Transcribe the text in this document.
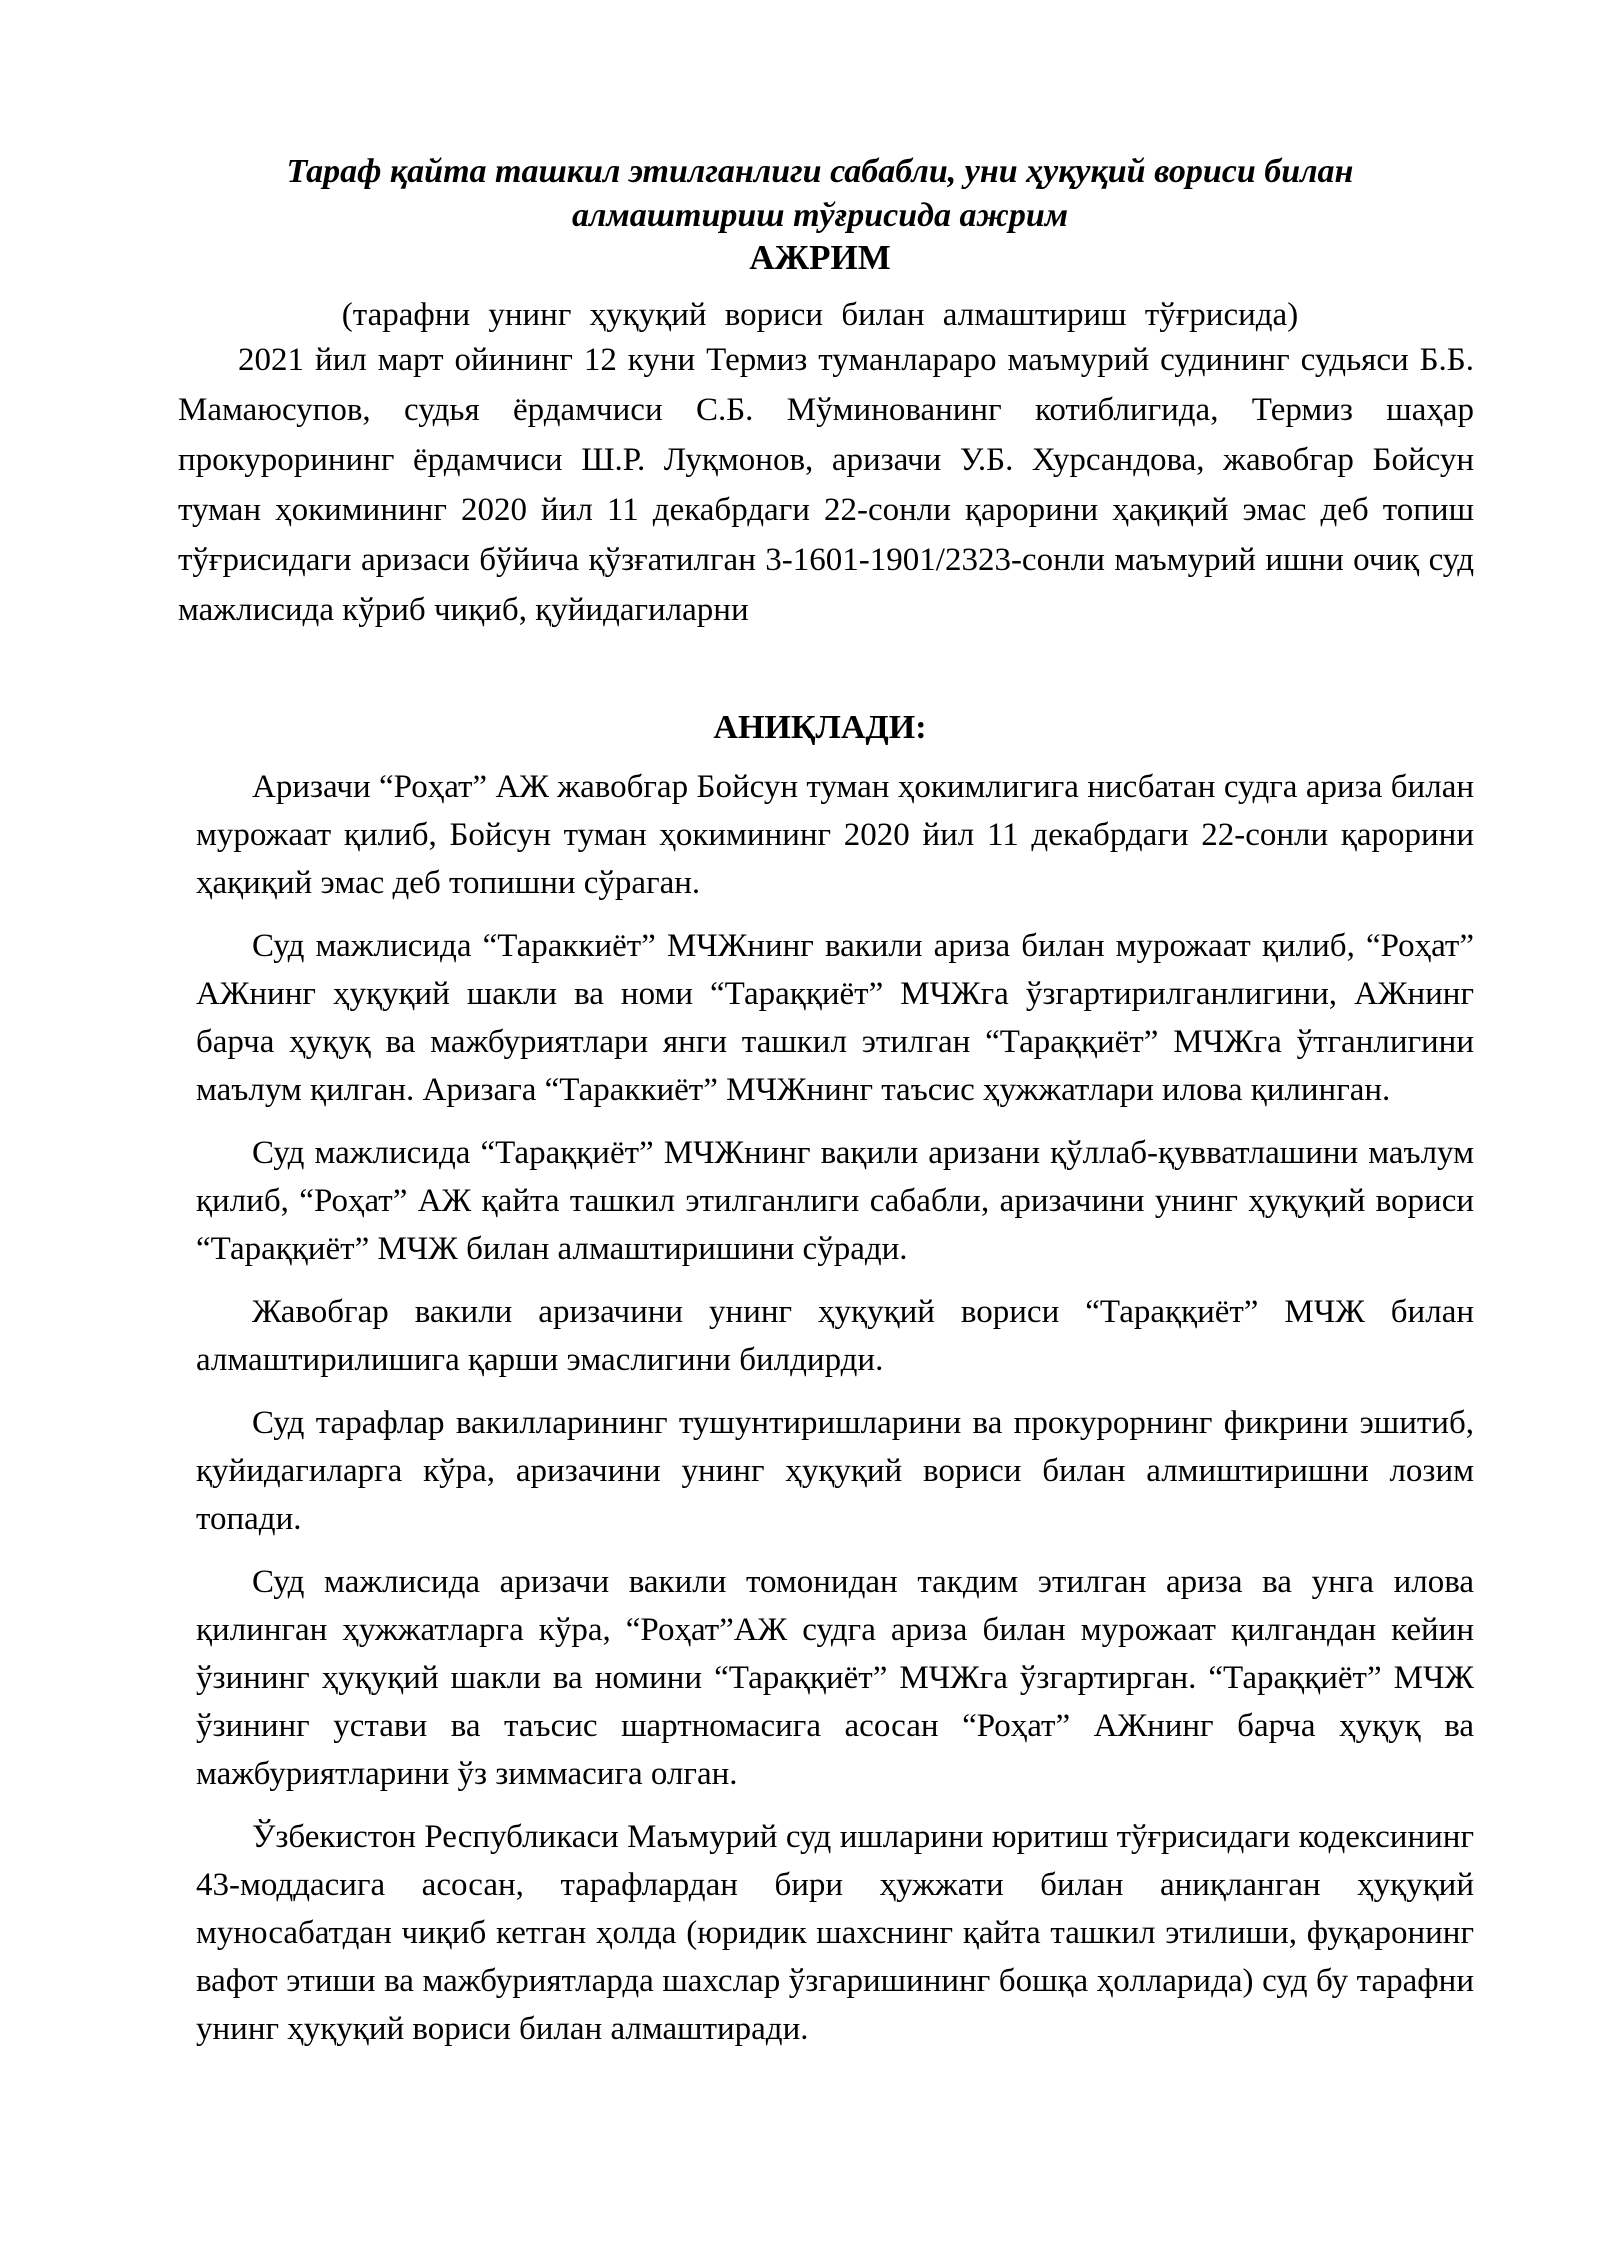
Тараф қайта ташкил этилганлиги сабабли, уни ҳуқуқий вориси билан алмаштириш тўғрисида ажрим

АЖРИМ

(тарафни унинг ҳуқуқий вориси билан алмаштириш тўғрисида)

2021 йил март ойининг 12 куни Термиз туманлараро маъмурий судининг судьяси Б.Б. Мамаюсупов, судья ёрдамчиси С.Б. Мўминованинг котиблигида, Термиз шаҳар прокурорининг ёрдамчиси Ш.Р. Луқмонов, аризачи У.Б. Хурсандова, жавобгар Бойсун туман ҳокимининг 2020 йил 11 декабрдаги 22-сонли қарорини ҳақиқий эмас деб топиш тўғрисидаги аризаси бўйича қўзғатилган 3-1601-1901/2323-сонли маъмурий ишни очиқ суд мажлисида кўриб чиқиб, қуйидагиларни

АНИҚЛАДИ:

Аризачи “Роҳат” АЖ жавобгар Бойсун туман ҳокимлигига нисбатан судга ариза билан мурожаат қилиб, Бойсун туман ҳокимининг 2020 йил 11 декабрдаги 22-сонли қарорини ҳақиқий эмас деб топишни сўраган.

Суд мажлисида “Тараккиёт” МЧЖнинг вакили ариза билан мурожаат қилиб, “Роҳат” АЖнинг ҳуқуқий шакли ва номи “Тараққиёт” МЧЖга ўзгартирилганлигини, АЖнинг барча ҳуқуқ ва мажбуриятлари янги ташкил этилган “Тараққиёт” МЧЖга ўтганлигини маълум қилган. Аризага “Тараккиёт” МЧЖнинг таъсис ҳужжатлари илова қилинган.

Суд мажлисида “Тараққиёт” МЧЖнинг вақили аризани қўллаб-қувватлашини маълум қилиб, “Роҳат” АЖ қайта ташкил этилганлиги сабабли, аризачини унинг ҳуқуқий вориси “Тараққиёт” МЧЖ билан алмаштиришини сўради.

Жавобгар вакили аризачини унинг ҳуқуқий вориси “Тараққиёт” МЧЖ билан алмаштирилишига қарши эмаслигини билдирди.

Суд тарафлар вакилларининг тушунтиришларини ва прокурорнинг фикрини эшитиб, қуйидагиларга кўра, аризачини унинг ҳуқуқий вориси билан алмиштиришни лозим топади.

Суд мажлисида аризачи вакили томонидан такдим этилган ариза ва унга илова қилинган ҳужжатларга кўра, “Роҳат”АЖ судга ариза билан мурожаат қилгандан кейин ўзининг ҳуқуқий шакли ва номини “Тараққиёт” МЧЖга ўзгартирган. “Тараққиёт” МЧЖ ўзининг устави ва таъсис шартномасига асосан “Роҳат” АЖнинг барча ҳуқуқ ва мажбуриятларини ўз зиммасига олган.

Ўзбекистон Республикаси Маъмурий суд ишларини юритиш тўғрисидаги кодексининг 43-моддасига асосан, тарафлардан бири ҳужжати билан аниқланган ҳуқуқий муносабатдан чиқиб кетган ҳолда (юридик шахснинг қайта ташкил этилиши, фуқаронинг вафот этиши ва мажбуриятларда шахслар ўзгаришининг бошқа ҳолларида) суд бу тарафни унинг ҳуқуқий вориси билан алмаштиради.
